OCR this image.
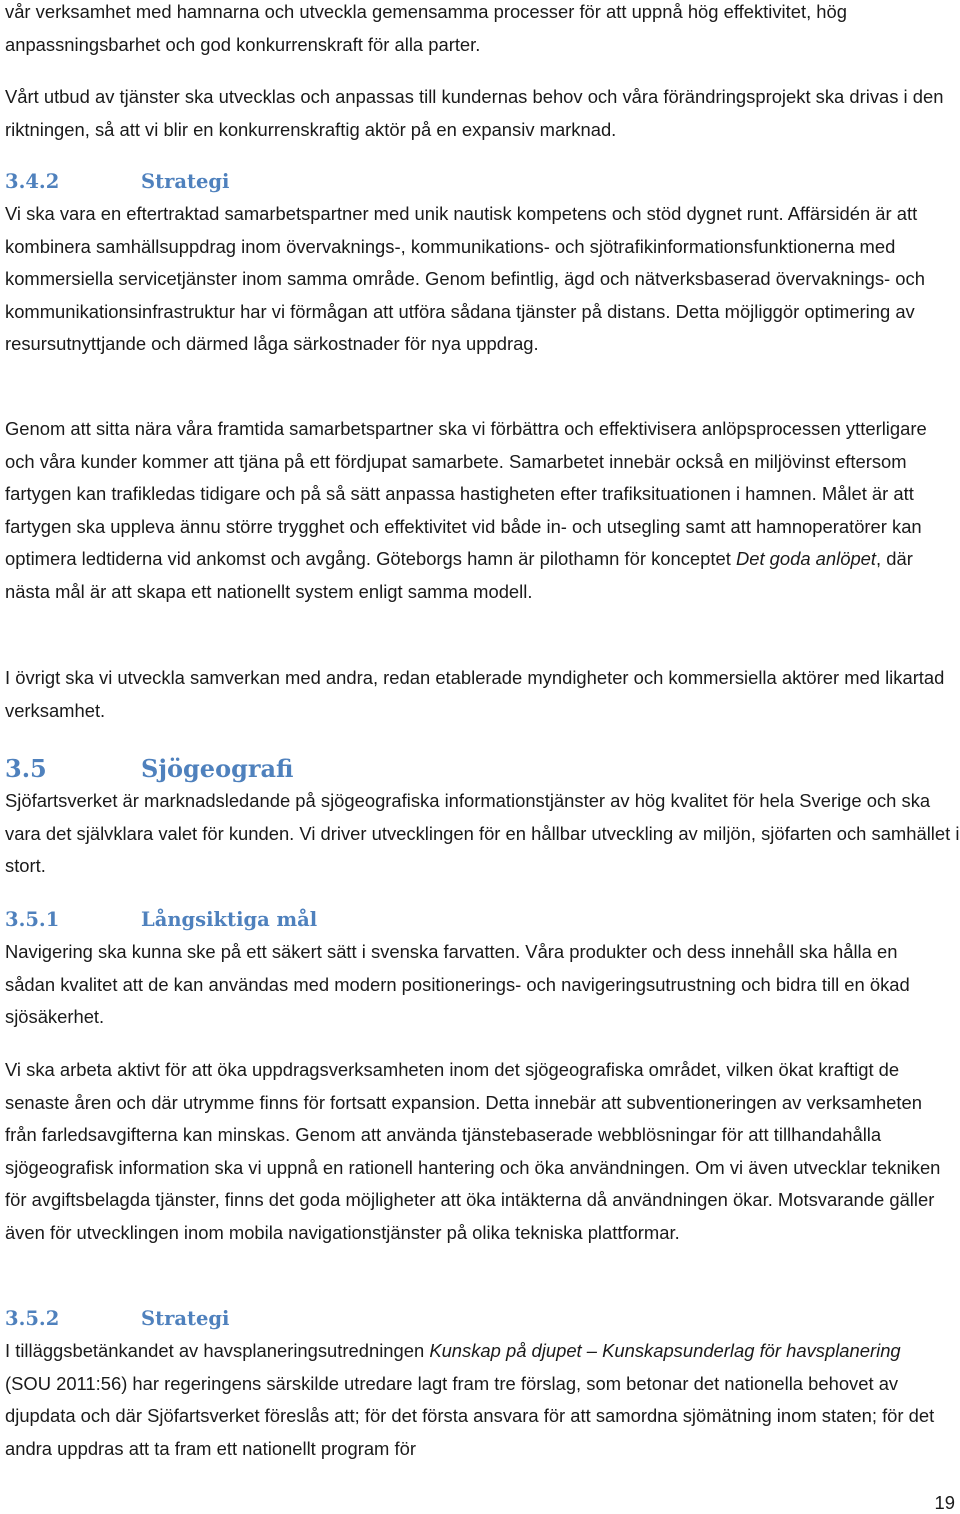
vår verksamhet med hamnarna och utveckla gemensamma processer för att uppnå hög effektivitet, hög anpassningsbarhet och god konkurrenskraft för alla parter.

Vårt utbud av tjänster ska utvecklas och anpassas till kundernas behov och våra förändringsprojekt ska drivas i den riktningen, så att vi blir en konkurrenskraftig aktör på en expansiv marknad.

3.4.2	Strategi

Vi ska vara en eftertraktad samarbetspartner med unik nautisk kompetens och stöd dygnet runt. Affärsidén är att kombinera samhällsuppdrag inom övervaknings-, kommunikations- och sjötrafikinformationsfunktionerna med kommersiella servicetjänster inom samma område. Genom befintlig, ägd och nätverksbaserad övervaknings- och kommunikationsinfrastruktur har vi förmågan att utföra sådana tjänster på distans. Detta möjliggör optimering av resursutnyttjande och därmed låga särkostnader för nya uppdrag.

Genom att sitta nära våra framtida samarbetspartner ska vi förbättra och effektivisera anlöpsprocessen ytterligare och våra kunder kommer att tjäna på ett fördjupat samarbete. Samarbetet innebär också en miljövinst eftersom fartygen kan trafikledas tidigare och på så sätt anpassa hastigheten efter trafiksituationen i hamnen. Målet är att fartygen ska uppleva ännu större trygghet och effektivitet vid både in- och utsegling samt att hamnoperatörer kan optimera ledtiderna vid ankomst och avgång. Göteborgs hamn är pilothamn för konceptet Det goda anlöpet, där nästa mål är att skapa ett nationellt system enligt samma modell.

I övrigt ska vi utveckla samverkan med andra, redan etablerade myndigheter och kommersiella aktörer med likartad verksamhet.

3.5	Sjögeografi

Sjöfartsverket är marknadsledande på sjögeografiska informationstjänster av hög kvalitet för hela Sverige och ska vara det självklara valet för kunden. Vi driver utvecklingen för en hållbar utveckling av miljön, sjöfarten och samhället i stort.

3.5.1	Långsiktiga mål

Navigering ska kunna ske på ett säkert sätt i svenska farvatten. Våra produkter och dess innehåll ska hålla en sådan kvalitet att de kan användas med modern positionerings- och navigeringsutrustning och bidra till en ökad sjösäkerhet.

Vi ska arbeta aktivt för att öka uppdragsverksamheten inom det sjögeografiska området, vilken ökat kraftigt de senaste åren och där utrymme finns för fortsatt expansion. Detta innebär att subventioneringen av verksamheten från farledsavgifterna kan minskas. Genom att använda tjänstebaserade webblösningar för att tillhandahålla sjögeografisk information ska vi uppnå en rationell hantering och öka användningen. Om vi även utvecklar tekniken för avgiftsbelagda tjänster, finns det goda möjligheter att öka intäkterna då användningen ökar. Motsvarande gäller även för utvecklingen inom mobila navigationstjänster på olika tekniska plattformar.

3.5.2	Strategi

I tilläggsbetänkandet av havsplaneringsutredningen Kunskap på djupet – Kunskapsunderlag för havsplanering (SOU 2011:56) har regeringens särskilde utredare lagt fram tre förslag, som betonar det nationella behovet av djupdata och där Sjöfartsverket föreslås att; för det första ansvara för att samordna sjömätning inom staten; för det andra uppdras att ta fram ett nationellt program för

19
